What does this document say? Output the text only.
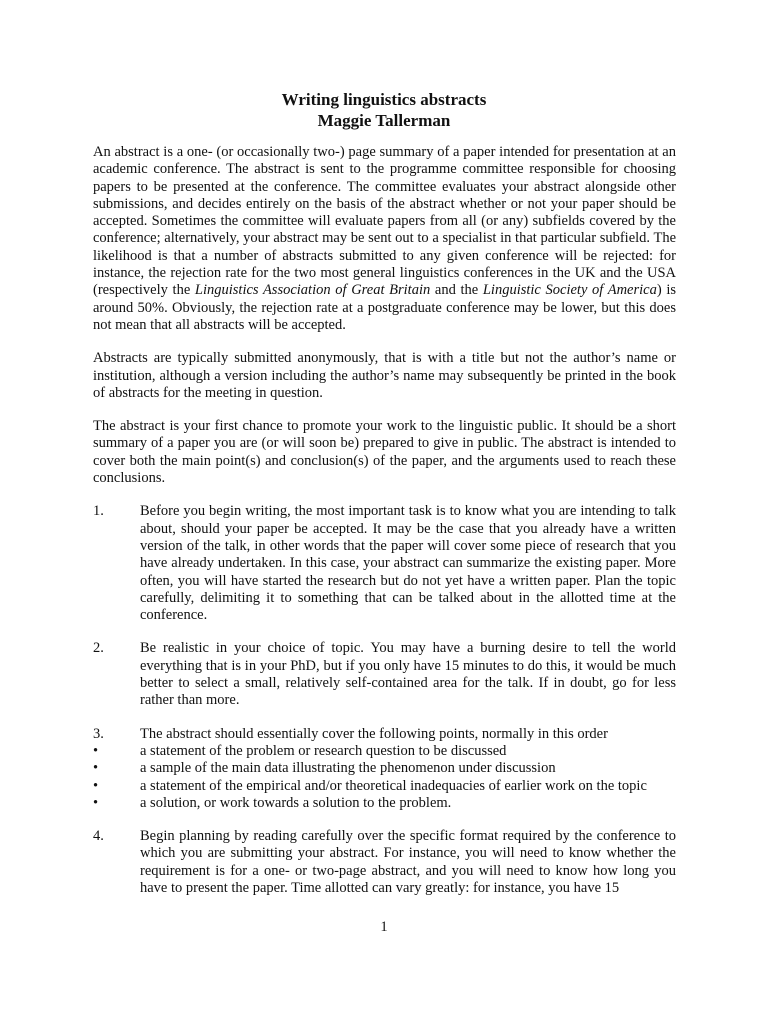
Writing linguistics abstracts
Maggie Tallerman

An abstract is a one- (or occasionally two-) page summary of a paper intended for presentation at an academic conference. The abstract is sent to the programme committee responsible for choosing papers to be presented at the conference. The committee evaluates your abstract alongside other submissions, and decides entirely on the basis of the abstract whether or not your paper should be accepted. Sometimes the committee will evaluate papers from all (or any) subfields covered by the conference; alternatively, your abstract may be sent out to a specialist in that particular subfield. The likelihood is that a number of abstracts submitted to any given conference will be rejected: for instance, the rejection rate for the two most general linguistics conferences in the UK and the USA (respectively the Linguistics Association of Great Britain and the Linguistic Society of America) is around 50%. Obviously, the rejection rate at a postgraduate conference may be lower, but this does not mean that all abstracts will be accepted.

Abstracts are typically submitted anonymously, that is with a title but not the author’s name or institution, although a version including the author’s name may subsequently be printed in the book of abstracts for the meeting in question.

The abstract is your first chance to promote your work to the linguistic public. It should be a short summary of a paper you are (or will soon be) prepared to give in public. The abstract is intended to cover both the main point(s) and conclusion(s) of the paper, and the arguments used to reach these conclusions.

1.	Before you begin writing, the most important task is to know what you are intending to talk about, should your paper be accepted. It may be the case that you already have a written version of the talk, in other words that the paper will cover some piece of research that you have already undertaken. In this case, your abstract can summarize the existing paper. More often, you will have started the research but do not yet have a written paper. Plan the topic carefully, delimiting it to something that can be talked about in the allotted time at the conference.
2.	Be realistic in your choice of topic. You may have a burning desire to tell the world everything that is in your PhD, but if you only have 15 minutes to do this, it would be much better to select a small, relatively self-contained area for the talk. If in doubt, go for less rather than more.
3.	The abstract should essentially cover the following points, normally in this order
•	a statement of the problem or research question to be discussed
•	a sample of the main data illustrating the phenomenon under discussion
•	a statement of the empirical and/or theoretical inadequacies of earlier work on the topic
•	a solution, or work towards a solution to the problem.
4.	Begin planning by reading carefully over the specific format required by the conference to which you are submitting your abstract. For instance, you will need to know whether the requirement is for a one- or two-page abstract, and you will need to know how long you have to present the paper. Time allotted can vary greatly: for instance, you have 15
1
